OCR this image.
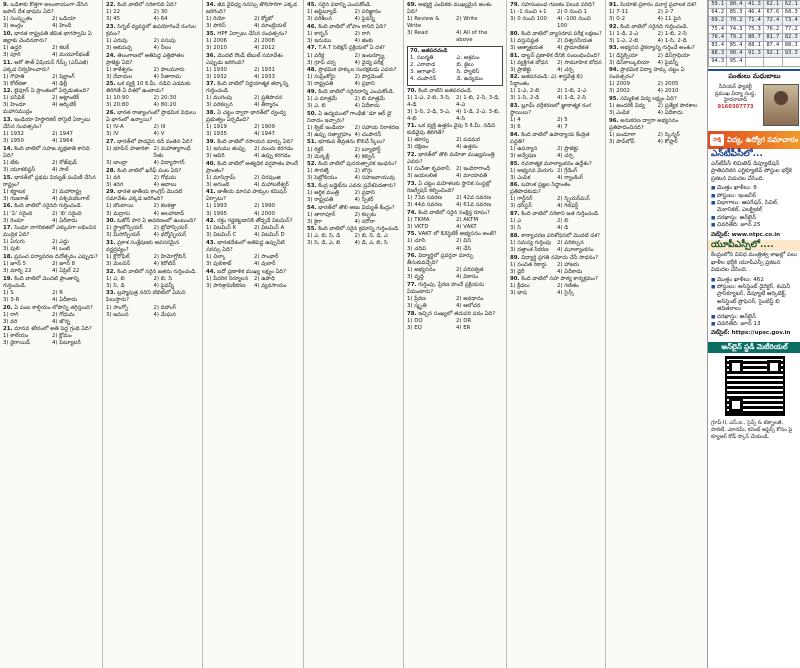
9. ఒడిశాకు కొత్తగా అలంకాయంగా చేసిన జపాన్ దేశ భాషను ఏది?
1) సంస్కృతం	2) ఒడియా
3) అంగ్లం	4) హిందీ
10. భారత రాష్ట్రపతి జీవిత భాగస్వామి ఏ జిల్లాకు చెందినవారు?
1) ఉద్ఘరి	2) కటక్
3) పూరి	4) మయూర్‌భంజ్
11. ఆరో సౌత్ ఏషియన్ గేమ్స్ (ఎస్ఎజీ) ఎక్కడ నిర్వహించారు?
1) గౌహతి	2) షిల్లాంగ్
3) కోల్‌కతా	4) ఢిల్లీ
12. టైఫూన్ ఏ ప్రాంతంలో ఏర్పడుతుంది?
1) పసిఫిక్	2) అట్లాంటిక్
3) హిందూ మహాసముద్రం
4) ఆర్కిటిక్
13. ఇండియా హిస్టారికల్ సోసైటీ ఏర్పాటు చేసిన సంవత్సరం?
1) 1932	2) 1947
3) 1950	4) 1964
14. కింది వాటిలో సహజ వృక్షజాతి కానిది ఏది?
1) టేకు	2) రోజ్‌వుడ్
3) యూకలిప్టస్	4) సాల్
15. భారత్‌లో ప్రథమ విద్యుత్ పంపిణీ చేసిన రాష్ట్రం?
1) కర్ణాటక	2) మహారాష్ట్ర
3) గుజరాత్	4) పశ్చిమబెంగాల్
16. కింది వాటిలో సరైనది గుర్తించండి.
1) 'ఏ' సరైంది	2) 'బి' సరైంది
3) రెండూ	4) ఏదీకాదు
17. సింధూ నాగరికతలో ఎక్కువగా లభించిన ముద్రిక ఏది?
1) ఏనుగు	2) ఎద్దు
3) పులి	4) ఒంటె
18. ప్రపంచ పర్యావరణ దినోత్సవం ఎప్పుడు?
1) జూన్ 5	2) జూన్ 8
3) మార్చి 22	4) ఏప్రిల్ 22
19. కింది వాటిలో మొదటి ప్రాంతాన్ని గుర్తించండి.
1) S	2) R
3) 3-R	4) ఏదీకాదు
20. ఏ పంట కాల్షియం లోపాన్ని తగ్గిస్తుంది?
1) రాగి	2) గోధుమ
3) వరి	4) జొన్న
21. మానవ శరీరంలో అతి పెద్ద గ్రంథి ఏది?
1) కాలేయం	2) క్లోమం
3) థైరాయిడ్	4) పిట్యూటరీ
22. కింది వాటిలో సరికానిది ఏది?
1) 22	2) 30
3) 45	4) 64
23. సిగ్నల్ వ్యవస్థలో ఉపయోగించే రంగుల క్రమం?
1) ఎరుపు	2) పసుపు
3) ఆకుపచ్చ	4) నీలం
24. తెలంగాణలో అతిపెద్ద ఎత్తిపోతల ప్రాజెక్టు ఏది?
1) కాళేశ్వరం	2) పాలమూరు
3) దేవాదుల	4) సీతారామ
25. ఒక వ్యక్తి 10 కి.మీ. నడిచి ఎడమకు తిరిగితే ఏ దిశలో ఉంటాడు?
1) 10:90	2) 20:30
3) 20:80	4) 80:20
26. భారత రాజ్యాంగంలో ప్రాథమిక విధులు ఏ భాగంలో ఉన్నాయి?
1) IV-A	2) III
3) IV	4) V
27. భారత్‌లో పొడవైన నదీ వంతెన ఏది?
1) భూపేన్ హజారికా 2) మహాత్మాగాంధీ సేతు
3) బాంద్రా	4) విద్యాసాగర్
28. కింది వాటిలో ఖరీఫ్ పంట ఏది?
1) వరి	2) గోధుమ
3) శనగ	4) ఆవాలు
29. భారత జాతీయ కాంగ్రెస్ మొదటి సమావేశం ఎక్కడ జరిగింది?
1) బొంబాయి	2) కలకత్తా
3) మద్రాసు	4) అలహాబాద్
30. ఓజోన్ పొర ఏ ఆవరణంలో ఉంటుంది?
1) స్ట్రాటోస్ఫియర్	2) ట్రోపోస్ఫియర్
3) మీసోస్ఫియర్	4) థర్మోస్ఫియర్
31. ప్రకాశ సంశ్లేషణకు అవసరమైన వర్ణద్రవ్యం?
1) క్లోరోఫిల్	2) హిమోగ్లోబిన్
3) మెలనిన్	4) కెరోటిన్
32. కింది వాటిలో సరైన జతను గుర్తించండి.
1) ఎ, బి	2) బి, సి
3) సి, డి	4) పైవన్నీ
33. బ్రహ్మపుత్ర నదిని టిబెట్‌లో ఏమని పిలుస్తారు?
1) సాంగ్పో	2) దిహాంగ్
3) జమున	4) మేఘన
34. జీవ వైవిధ్య సదస్సు తొలిసారిగా ఎక్కడ జరిగింది?
1) రియో	2) క్యోటో
3) పారిస్	4) మాంట్రియల్
35. HPF ఏర్పాటు చేసిన సంవత్సరం?
1) 2006	2) 2008
3) 2010	4) 2012
36. మొదటి రౌండ్ టేబుల్ సమావేశం ఎప్పుడు జరిగింది?
1) 1930	2) 1931
3) 1932	4) 1933
37. కింది వాటిలో నిర్ణయాత్మక తర్కాన్ని గుర్తించండి.
1) ముగింపు	2) ప్రతిపాదన
3) పరికల్పన	4) తీర్మానం
38. ఏ చట్టం ద్వారా భారత్‌లో ద్వంద్వ ప్రభుత్వం ఏర్పడింది?
1) 1919	2) 1909
3) 1935	4) 1947
39. కింది వాటిలో రసాయన మార్పు ఏది?
1) ఇనుము తుప్పు	2) మంచు కరగడం
3) ఆవిరి	4) ఉప్పు కరగడం
40. కింది వాటిలో అత్యధిక వర్షపాతం పొందే ప్రాంతం?
1) మాసిన్రామ్	2) చిరపుంజి
3) అగుంబె	4) మహాబలేశ్వర్
41. జాతీయ మానవ హక్కుల కమిషన్ ఏర్పాటు?
1) 1993	2) 1990
3) 1995	4) 2000
42. రక్తం గడ్డకట్టడానికి తోడ్పడే విటమిన్?
1) విటమిన్ K	2) విటమిన్ A
3) విటమిన్ C	4) విటమిన్ D
43. భారతదేశంలో అతిపెద్ద ఉప్పునీటి సరస్సు ఏది?
1) చిల్కా	2) సాంభార్
3) పులికాట్	4) వులార్
44. ఐదో ప్రణాళిక ముఖ్య లక్ష్యం ఏది?
1) పేదరిక నిర్మూలన	2) ఉపాధి
3) పారిశ్రామికీకరణ	4) వ్యవసాయం
45. సరైన పదాన్ని ఎంచుకోండి.
1) ఆప్టిట్యూడ్	2) పరిజ్ఞానం
3) పరిశీలన	4) పైవన్నీ
46. కింది వాటిలో లోహం కానిది ఏది?
1) కార్బన్	2) రాగి
3) ఇనుము	4) జింకు
47. T.A.T సెలెక్షన్ ప్రక్రియలో ఏ దశ?
1) పరీక్ష	2) ఇంటర్వ్యూ
3) గ్రూప్ చర్చ	4) వైద్య పరీక్ష
48. ప్రాథమిక హక్కుల సంరక్షకుడు ఎవరు?
1) సుప్రీంకోర్టు	2) పార్లమెంట్
3) రాష్ట్రపతి	4) ప్రధాని
49. కింది వాటిలో సరైనదాన్ని ఎంచుకోండి.
1) ఎ మాత్రమే	2) బి మాత్రమే
3) ఎ, బి	4) ఏదీకాదు
50. ఏ ఉద్యమంలో గాంధీజీ 'డూ ఆర్ డై' నినాదం ఇచ్చారు?
1) క్విట్ ఇండియా	2) సహాయ నిరాకరణ
3) ఉప్పు సత్యాగ్రహం 4) చంపారన్
51. భూకంప తీవ్రతను కొలిచే స్కేలు?
1) రిక్టర్	2) బ్యూఫోర్ట్
3) మెర్కల్లీ	4) కెల్విన్
52. కింది వాటిలో పునరుత్పాదక ఇంధనం?
1) సౌరశక్తి	2) బొగ్గు
3) పెట్రోలియం	4) సహజవాయువు
53. కేంద్ర బడ్జెట్‌ను ఎవరు ప్రవేశపెడతారు?
1) ఆర్థిక మంత్రి	2) ప్రధాని
3) రాష్ట్రపతి	4) స్పీకర్
54. భారత్‌లో తొలి అణు విద్యుత్ కేంద్రం?
1) తారాపూర్	2) కల్పకం
3) కైగా	4) నరోరా
55. కింది వాటిలో సరైన క్రమాన్ని గుర్తించండి.
1) ఎ, బి, సి, డి	2) బి, సి, డి, ఎ
3) సి, డి, ఎ, బి	4) డి, ఎ, బి, సి
69. అభ్యర్థి ఎంపికకు ముఖ్యమైన అంశం ఏది?
1) Review & Write
2) Write
3) Read	4) All of the above
70. జతపరచండి
1. సబర్మతి	ఎ. ఆశ్రమం
2. ఎరావాడ	బి. జైలు
3. ఆగాఖాన్	సి. ప్యాలెస్
4. చంపారన్	డి. ఉద్యమం
70. కింది వాటిని జతపరచండి.
1) 1-ఎ, 2-బి, 3-సి, 4-డి
2) 1-బి, 2-సి, 3-డి, 4-ఎ
3) 1-సి, 2-డి, 3-ఎ, 4-బి
4) 1-డి, 2-ఎ, 3-బి, 4-సి
71. ఒక వ్యక్తి ఉత్తరం వైపు 5 కి.మీ. నడిచి కుడివైపు తిరిగితే?
1) తూర్పు	2) పడమర
3) దక్షిణం	4) ఉత్తరం
72. భారత్‌లో తొలి మహిళా ముఖ్యమంత్రి ఎవరు?
1) సుచేతా కృపలానీ	2) ఇందిరాగాంధీ
3) జయలలిత	4) మాయావతి
73. ఏ చట్టం మహిళలకు స్థానిక సంస్థల్లో రిజర్వేషన్ కల్పించింది?
1) 73వ సవరణ	2) 42వ సవరణ
3) 44వ సవరణ	4) 61వ సవరణ
74. కింది వాటిలో సరైన సంక్షిప్త రూపం?
1) TKMA	2) AKTM
3) VKTD	4) VAKT
75. VAKT లో కినెస్థెటిక్ అభ్యసనం అంటే?
1) చూసి	2) విని
3) చదివి	4) చేసి
76. విద్యార్థిలో ప్రవర్తనా మార్పు తీసుకువచ్చేది?
1) అభ్యసనం	2) పరిపక్వత
3) వృద్ధి	4) వికాసం
77. గుర్తింపు, ప్రేరణ పొందే ప్రక్రియను ఏమంటారు?
1) ప్రేరణ	2) అవధానం
3) స్మృతి	4) ఆలోచన
78. ఇచ్చిన సంఖ్యలో తదుపరి పదం ఏది?
1) DQ	2) DR
3) EQ	4) ER
79. సహసంబంధ గుణకం విలువ పరిధి?
1) -1 నుంచి +1	2) 0 నుంచి 1
3) 0 నుంచి 100	4) -100 నుంచి 100
80. కింది వాటిలో వ్యాసరూప పరీక్ష లక్షణం?
1) వస్తునిష్ఠత	2) విశ్వసనీయత
3) ఆత్మాశ్రయత	4) ప్రామాణికత
81. డాల్టన్ ప్రణాళిక దేనికి సంబంధించింది?
1) వ్యక్తిగత బోధన	2) సామూహిక బోధన
3) ప్రాజెక్టు	4) చర్చ
82. జతపరచండి: ఎ) శాస్త్రవేత్త బి) సిద్ధాంతం
1) 1-ఎ, 2-బి	2) 1-బి, 2-ఎ
3) 1-సి, 2-డి	4) 1-డి, 2-సి
83. బ్లూమ్ వర్గీకరణలో జ్ఞానాత్మక రంగ స్థాయిలు?
1) 4	2) 5
3) 6	4) 7
84. కింది వాటిలో ఉపాధ్యాయ కేంద్రిత పద్ధతి?
1) ఉపన్యాస	2) ప్రాజెక్టు
3) అన్వేషణ	4) చర్చ
85. రచనాత్మక మూల్యాంకనం ఉద్దేశం?
1) అభ్యసన మెరుగు 2) గ్రేడింగ్
3) ఎంపిక	4) ర్యాంకింగ్
86. బహుళ ప్రజ్ఞల సిద్ధాంతం ప్రతిపాదకుడు?
1) గార్డ్‌నర్	2) స్పియర్‌మన్
3) థర్‌స్టన్	4) గిల్‌ఫర్డ్
87. కింది వాటిలో సరికాని జత గుర్తించండి.
1) ఎ	2) బి
3) సి	4) డి
88. కార్యాచరణ పరిశోధనలో మొదటి దశ?
1) సమస్య గుర్తింపు	2) పరికల్పన
3) దత్తాంశ సేకరణ	4) మూల్యాంకనం
89. విద్యార్థి ప్రగతి నమోదు చేసే సాధనం?
1) సంచిత రికార్డు	2) హాజరు
3) డైరీ	4) ఏదీకాదు
90. కింది వాటిలో సహ పాఠ్య కార్యక్రమం?
1) క్రీడలు	2) గణితం
3) భాష	4) సైన్స్
91. పియాజె ప్రకారం మూర్త ప్రచాలక దశ?
1) 7-11	2) 2-7
3) 0-2	4) 11 పైన
92. కింది వాటిలో సరైనది గుర్తించండి.
1) 1-డి, 2-ఎ	2) 1-బి, 2-సి
3) 1-ఎ, 2-బి	4) 1-సి, 2-డి
93. అభ్యసన వైకల్యాన్ని గుర్తించే అంశం?
1) డిస్లెక్సియా	2) డిస్‌గ్రాఫియా
3) డిస్‌కాల్కులియా	4) పైవన్నీ
94. ప్రాథమిక విద్యా హక్కు చట్టం ఏ సంవత్సరం?
1) 2009	2) 2005
3) 2002	4) 2010
95. సమ్మిళిత విద్య లక్ష్యం ఏది?
1) అందరికీ విద్య	2) ప్రత్యేక పాఠశాల
3) ఎంపిక	4) ఏదీకాదు
96. అనుకరణ ద్వారా అభ్యసనం ప్రతిపాదించినది?
1) బండూరా	2) స్కిన్నర్
3) పావ్‌లోవ్	4) కోహ్లర్
59.1	80.4	41.3	62.1	62.1
64.2	85.3	46.4	67.6	68.3
69.2	70.2	71.4	72.4	73.4
75.4	74.3	75.3	76.2	77.2
78.4	79.2	80.7	81.7	82.3
83.4	85.4	88.1	87.4	88.3
88.3	90.4	91.3	92.1	93.3
94.3	95.4			
పంతులు మధుబాబు
సీనియర్ ఫ్యాకల్టీ
ప్రముఖ విద్యా సంస్థ, హైదరాబాద్
9160307773
సాక్షి విద్య, ఉద్యోగ సమాచారం
ఎన్‌టీపీసీలో...
ఎన్‌టీపీసీ లిమిటెడ్ డిప్యూటేషన్ ప్రాతిపదికన ఎగ్జిక్యూటివ్ పోస్టుల భర్తీకి ప్రకటన విడుదల చేసింది.
■ మొత్తం ఖాళీలు: 8
■ పోస్టులు: ఇంజనీర్
■ విభాగాలు: ఆపరేషన్, సివిల్, మెకానికల్, ఎలక్ట్రికల్
■ దరఖాస్తు: ఆన్‌లైన్
■ చివరితేది: జూన్ 25
వెబ్‌సైట్: www.ntpc.co.in
యూపీఎస్సీలో....
కేంద్రంలోని వివిధ మంత్రిత్వ శాఖల్లో పలు ఖాళీల భర్తీకి యూపీఎస్సీ ప్రకటన విడుదల చేసింది.
■ మొత్తం ఖాళీలు: 462
■ పోస్టులు: అసిస్టెంట్ డైరెక్టర్, కంపెనీ ప్రాసిక్యూటర్, డిప్యూటీ ఆర్కిటెక్ట్, అసిస్టెంట్ ప్రొఫెసర్, సైంటిస్ట్ బి తదితరాలు
■ దరఖాస్తు: ఆన్‌లైన్
■ చివరితేది: జూన్ 13
వెబ్‌సైట్: https://upsc.gov.in
ఆన్‌లైన్ స్టడీ మెటీరియల్
గ్రూప్-II, ఎస్.ఐ., సైన్స్ & టెక్నాలజీ, పాలిటీ, ఎకానమీ, కరెంట్ అఫైర్స్ కోసం పై క్యూఆర్ కోడ్ స్కాన్ చేయండి.
